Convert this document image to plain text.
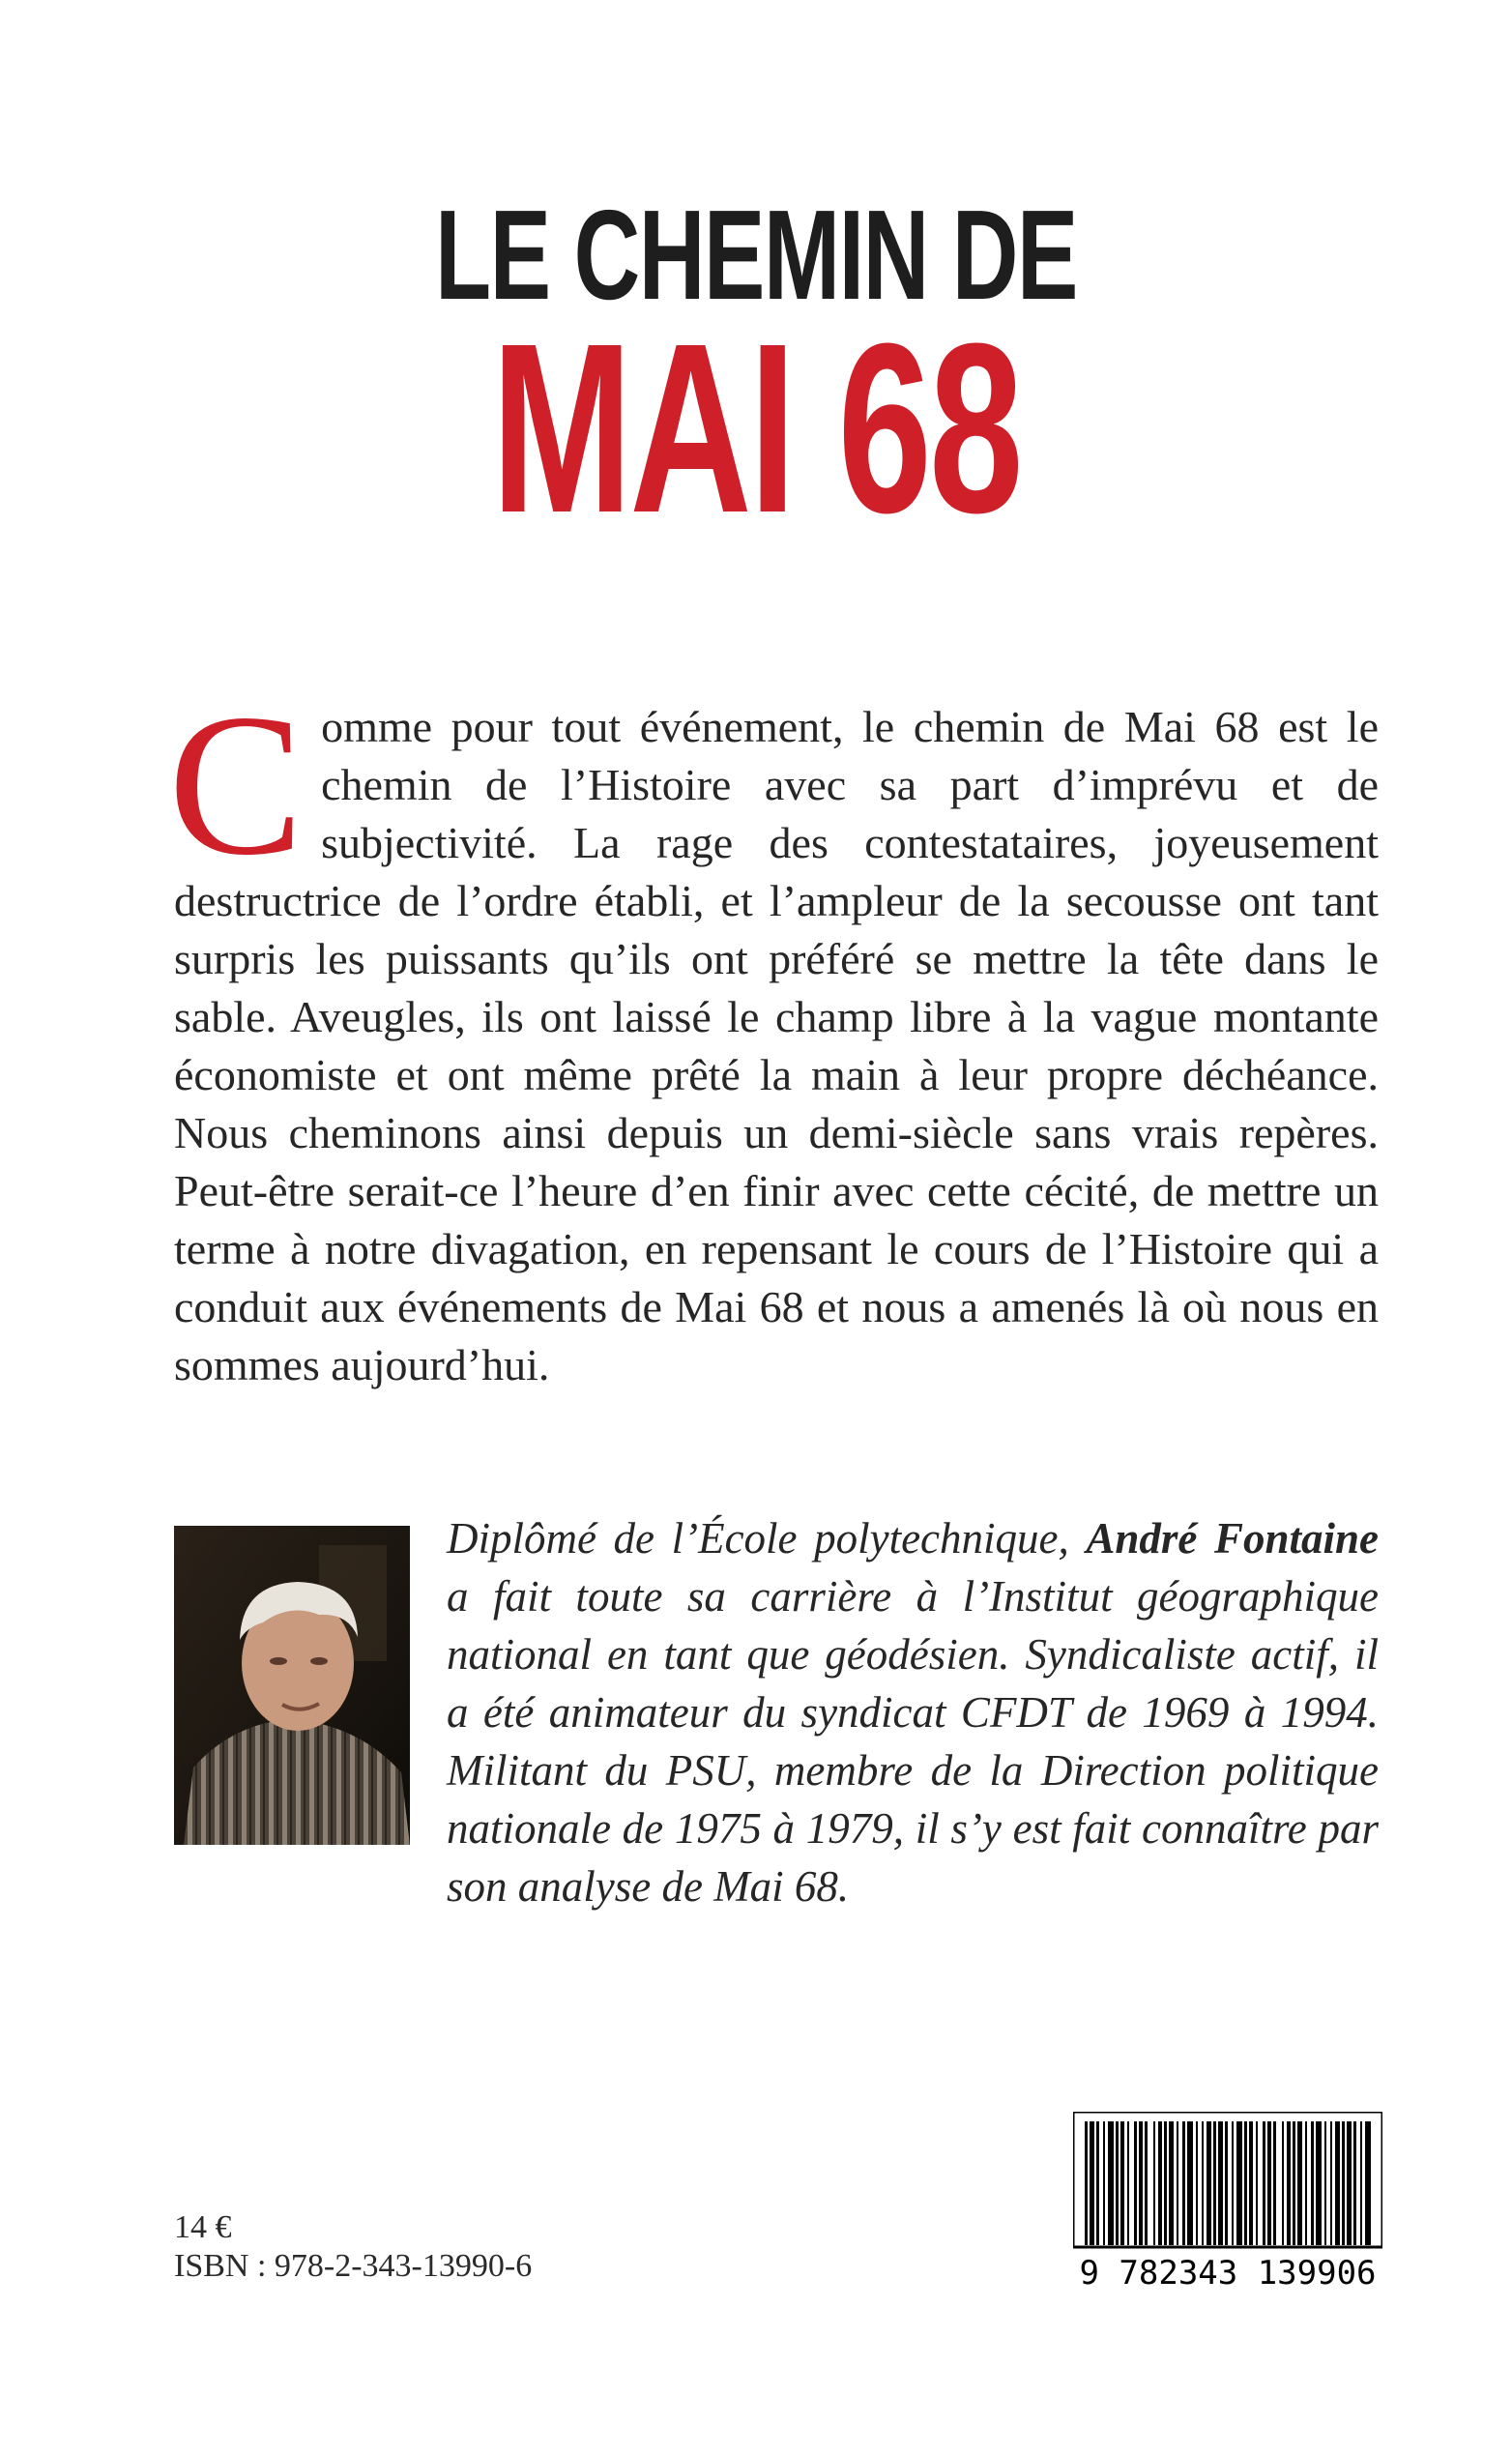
LE CHEMIN DE
MAI 68
C omme pour tout événement, le chemin de Mai 68 est le chemin de l’Histoire avec sa part d’imprévu et de subjectivité. La rage des contestataires, joyeusement destructrice de l’ordre établi, et l’ampleur de la secousse ont tant surpris les puissants qu’ils ont préféré se mettre la tête dans le sable. Aveugles, ils ont laissé le champ libre à la vague montante économiste et ont même prêté la main à leur propre déchéance. Nous cheminons ainsi depuis un demi-siècle sans vrais repères. Peut-être serait-ce l’heure d’en finir avec cette cécité, de mettre un terme à notre divagation, en repensant le cours de l’Histoire qui a conduit aux événements de Mai 68 et nous a amenés là où nous en sommes aujourd’hui.
Diplômé de l’École polytechnique, André Fontaine a fait toute sa carrière à l’Institut géographique national en tant que géodésien. Syndicaliste actif, il a été animateur du syndicat CFDT de 1969 à 1994. Militant du PSU, membre de la Direction politique nationale de 1975 à 1979, il s’y est fait connaître par son analyse de Mai 68.
14 €
ISBN : 978-2-343-13990-6	9 782343 139906
